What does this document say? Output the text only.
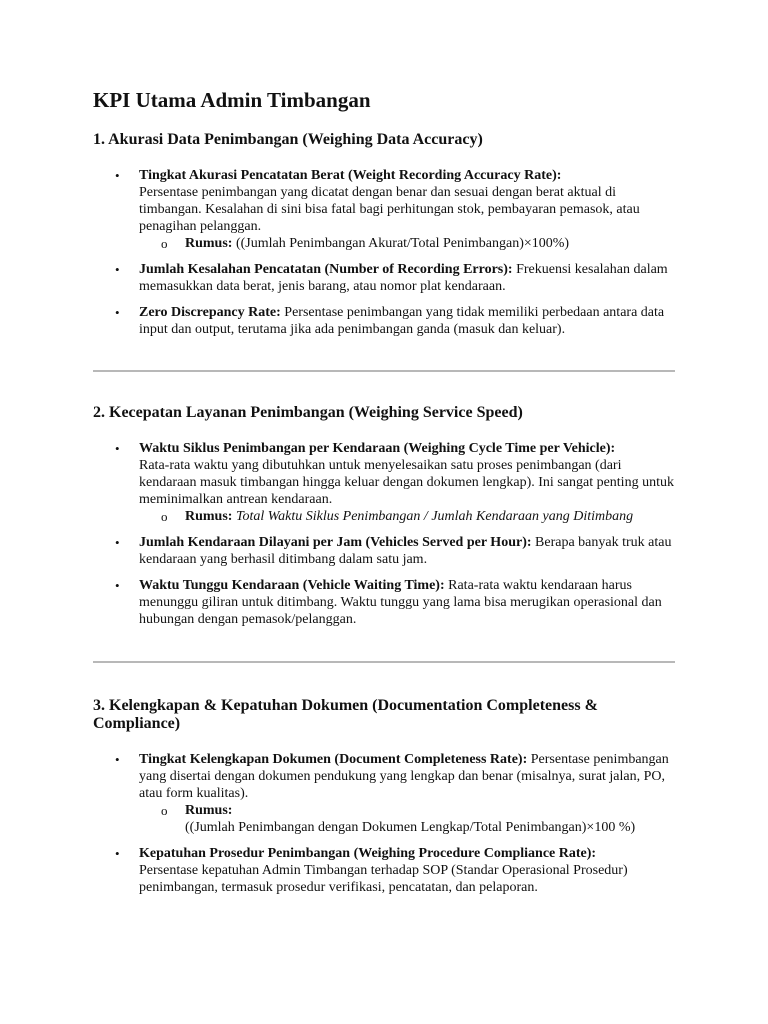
KPI Utama Admin Timbangan
1. Akurasi Data Penimbangan (Weighing Data Accuracy)
• Tingkat Akurasi Pencatatan Berat (Weight Recording Accuracy Rate):
Persentase penimbangan yang dicatat dengan benar dan sesuai dengan berat aktual di timbangan. Kesalahan di sini bisa fatal bagi perhitungan stok, pembayaran pemasok, atau penagihan pelanggan.
o Rumus: ((Jumlah Penimbangan Akurat/Total Penimbangan)×100%)
• Jumlah Kesalahan Pencatatan (Number of Recording Errors): Frekuensi kesalahan dalam memasukkan data berat, jenis barang, atau nomor plat kendaraan.
• Zero Discrepancy Rate: Persentase penimbangan yang tidak memiliki perbedaan antara data input dan output, terutama jika ada penimbangan ganda (masuk dan keluar).
2. Kecepatan Layanan Penimbangan (Weighing Service Speed)
• Waktu Siklus Penimbangan per Kendaraan (Weighing Cycle Time per Vehicle):
Rata-rata waktu yang dibutuhkan untuk menyelesaikan satu proses penimbangan (dari kendaraan masuk timbangan hingga keluar dengan dokumen lengkap). Ini sangat penting untuk meminimalkan antrean kendaraan.
o Rumus: Total Waktu Siklus Penimbangan / Jumlah Kendaraan yang Ditimbang
• Jumlah Kendaraan Dilayani per Jam (Vehicles Served per Hour): Berapa banyak truk atau kendaraan yang berhasil ditimbang dalam satu jam.
• Waktu Tunggu Kendaraan (Vehicle Waiting Time): Rata-rata waktu kendaraan harus menunggu giliran untuk ditimbang. Waktu tunggu yang lama bisa merugikan operasional dan hubungan dengan pemasok/pelanggan.
3. Kelengkapan & Kepatuhan Dokumen (Documentation Completeness & Compliance)
• Tingkat Kelengkapan Dokumen (Document Completeness Rate): Persentase penimbangan yang disertai dengan dokumen pendukung yang lengkap dan benar (misalnya, surat jalan, PO, atau form kualitas).
o Rumus:
((Jumlah Penimbangan dengan Dokumen Lengkap/Total Penimbangan)×100 %)
• Kepatuhan Prosedur Penimbangan (Weighing Procedure Compliance Rate):
Persentase kepatuhan Admin Timbangan terhadap SOP (Standar Operasional Prosedur) penimbangan, termasuk prosedur verifikasi, pencatatan, dan pelaporan.
